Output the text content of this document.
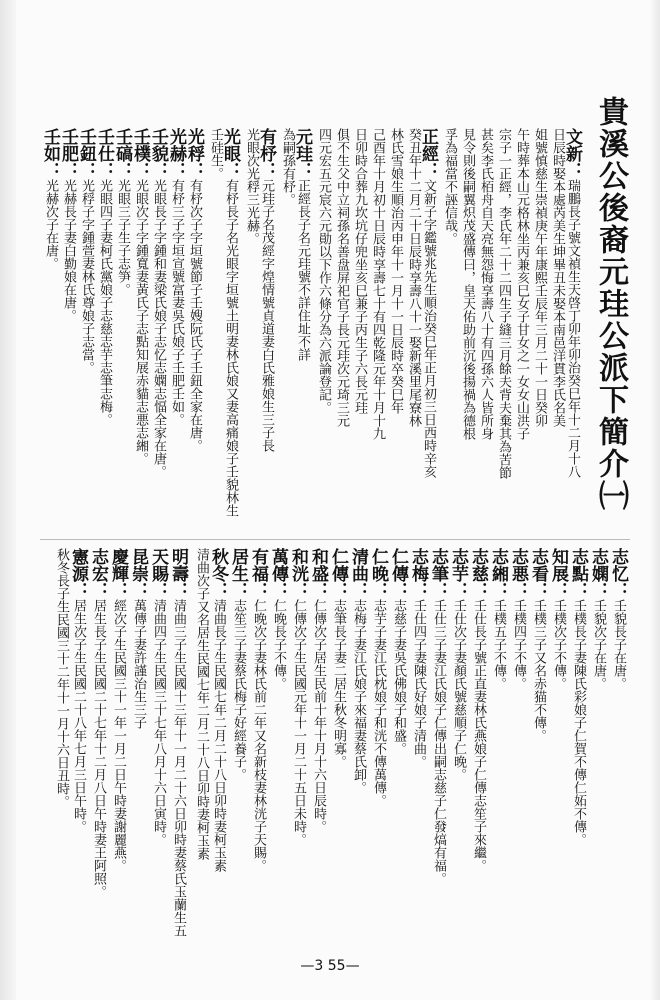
貴溪公後裔元珪公派下簡介㈠
文新：瑞鵬長子號文禎生天啓丁卯年卯治癸巳年十二月十八
日辰時娶本處芮美生坤畢丑未娶本南邑洋貫李氏名美
姐號慎慈生崇禎庚午年康熙壬辰年三月二十一日癸卯
午時葬本山元格林坐丙兼亥巳女子甘女之一女女山洪子
宗子一正經，李氏年二十二四生子縫三月餘夫背夫棄其為苦節
甚矣李氏栢舟自天亮無怨悔享壽八十有四孫六人皆所身
見令則後嗣翼炽茂盛傳曰，皇天佑助前沉後揚禍為德根
孚為福當不誣信哉。
正經：文新子字鑑號兆先生順治癸巳年正月初三日西時辛亥
癸丑年十二月二十日辰時享壽八十一娶新溪里尾寮林
林氏雪娘生順治丙申年十一月十一日辰時卒癸巳年
己酉年十月初十日辰時享壽七十有四乾隆元年十月十九
日卯時合葬九坎坑仔兜坐亥巳兼子丙生子六長元珪
俱不生父中立祠孫名善盘屏祀官子長元珪次元琦三元
四元宏五元宸六元勛以下作六條分為六派論登記。
元珪：正經長子名元珪號不詳住址不詳
為嗣孫有杼。
有杼：元珪子名茂經字煌情號貞道妻白氏雅娘生三子長
光眼次光稃三光赫。
光眼：有杼長子名光眼字垣號土明妻林氏娘又妻高痛娘子壬貌林生
壬硅生。
光稃：有杼次子字垣號節子壬嫂阮氏子壬鈕全家在唐。
光赫：有杼三子字垣宣號富妻吳氏娘子壬肥壬如。
壬貌：光眼長子字鍾和妻梁氏娘子志忆志嫻志愊全家在唐。
壬樸：光眼次子字鍾寬妻黃氏子志點知展赤貓志悪志緗。
壬碻：光眼三子生子志笋。
壬仕：光眼四子妻柯氏黨娘子志慈志芋志筆志梅。
壬鈕：光稃子字鍾萱妻林氏尊娘子志當。
壬肥：光赫長子妻白勤娘在唐。
壬如：光赫次子在唐。
志忆：壬貌長子在唐。
志嫻：壬貌次子在唐。
志點：壬樸長子妻陳氏彩娘子仁賀不傳仁妬不傳。
知展：壬樸次子不傳。
志看：壬樸三子又名赤猫不傳。
志悪：壬樸四子不傳。
志緗：壬樸五子不傳。
志慈：壬仕長子號正直妻林氏燕娘子仁傳志笙子來繼。
志芋：壬仕次子妻顏氏號慈順子仁晚。
志筆：壬仕三子妻江氏娘子仁傳出嗣志慈子仁發熇有福。
志梅：壬仕四子妻陳氏好娘子清曲。
仁傳：志慈子妻吳氏佛娘子和盛。
仁晚：志芋子妻江氏枕娘子和洸不傳萬傳。
清曲：志梅子妻江氏娘子來福妻蔡氏卸。
仁傳：志筆長子妻二居生秋冬明寡。
和盛：仁傳次子居生民前十年十月十六日辰時。
和洸：仁傳次子生民國元年十一月二十五日未時。
萬傳：仁晚長子不傳。
有福：仁晚次子妻林氏前二年又名新枝妻林洸子天賜。
居生：志笙三子妻蔡氏梅子好經養子。
秋冬：清曲長子生民國七年二月二十八日卯時妻柯玉素
清曲次子又名居生民國七年二月二十八日卯時妻柯玉素
明壽：清曲三子生民國十三年十一月二十六日卯時妻蔡氏玉蘭生五
天賜：清曲四子生民國三十七年八月十六日寅時。
昆崇：萬傳子妻許謹治生三子
慶輝：經次子生民國三十一年一月二日午時妻謝麗燕。
志宏：居生長子生民國二十七年十二月八日午時妻王阿照。
憲源：居生次子生民國二十八年七月三日午時。
秋冬長子生民國三十二年十一月十六日丑時。
—3 55—
